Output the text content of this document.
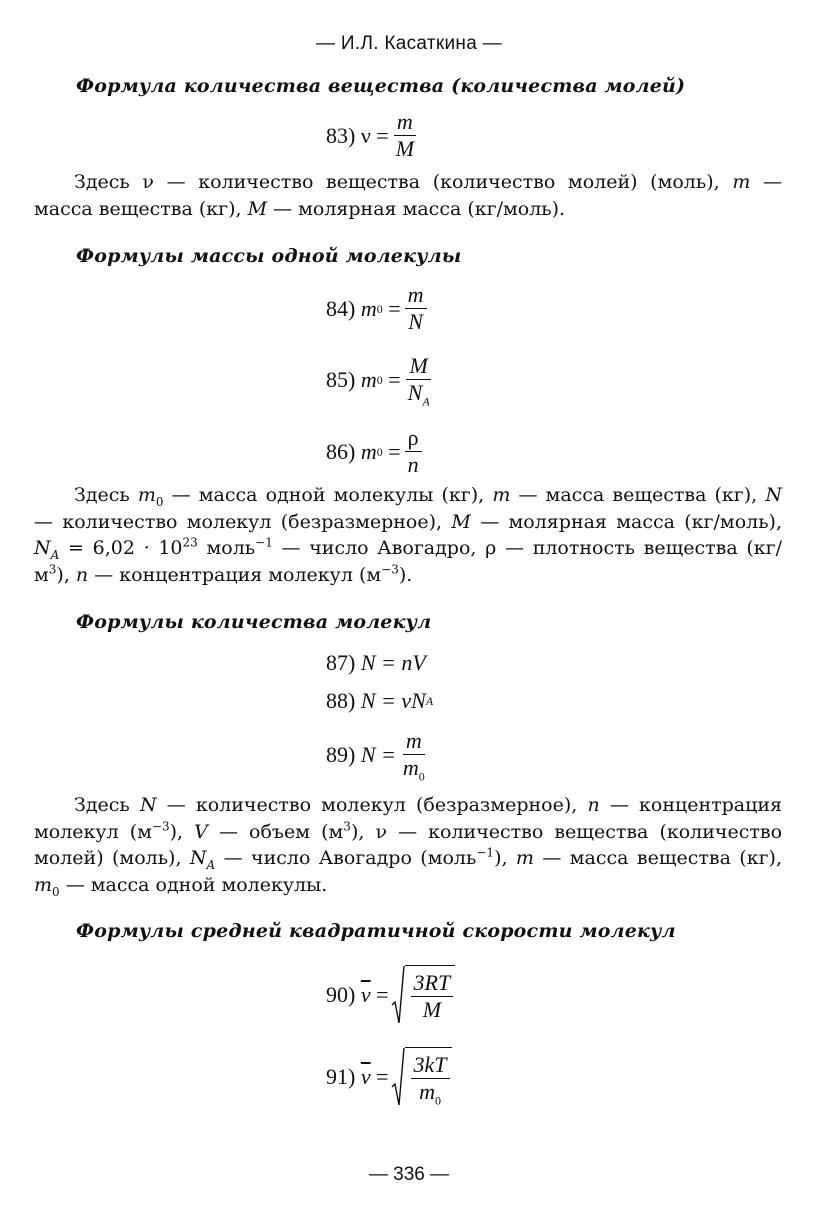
— И.Л. Касаткина —
Формула количества вещества (количества молей)
83)
$\nu = \frac{m}{M}$
Здесь ν — количество вещества (количество молей) (моль), m — масса вещества (кг), M — молярная масса (кг/моль).
Формулы массы одной молекулы
84)
m 0
= $\frac{m}{N}$
85)
m 0
= $\frac{M}{N_A}$
86)
m 0
= $\frac{\rho}{n}$
Здесь $m_0$ — масса одной молекулы (кг), m — масса вещества (кг), N — количество молекул (безразмерное), M — молярная масса (кг/моль), $N_A = 6,02 \cdot 10^{23}$ моль$^{-1}$ — число Авогадро, ρ — плотность вещества $(кг/м^3)$, n — концентрация молекул $(м^{-3})$.
Формулы количества молекул
87)
N = nV
88)
N = ν N A
89)
$N = \frac{m}{m_0}$
Здесь N — количество молекул (безразмерное), n — концентрация молекул $(м^{-3})$, V — объем $(м^3)$, ν — количество вещества (количество молей) (моль), $N_A$ — число Авогадро (моль$^{-1}$), m — масса вещества (кг), $m_0$ — масса одной молекулы.
Формулы средней квадратичной скорости молекул
90)
$\overline{v}$
= $\frac{3RT}{M}$
91)
$\overline{v}$
= $\frac{3kT}{m_0}$
— 336 —
